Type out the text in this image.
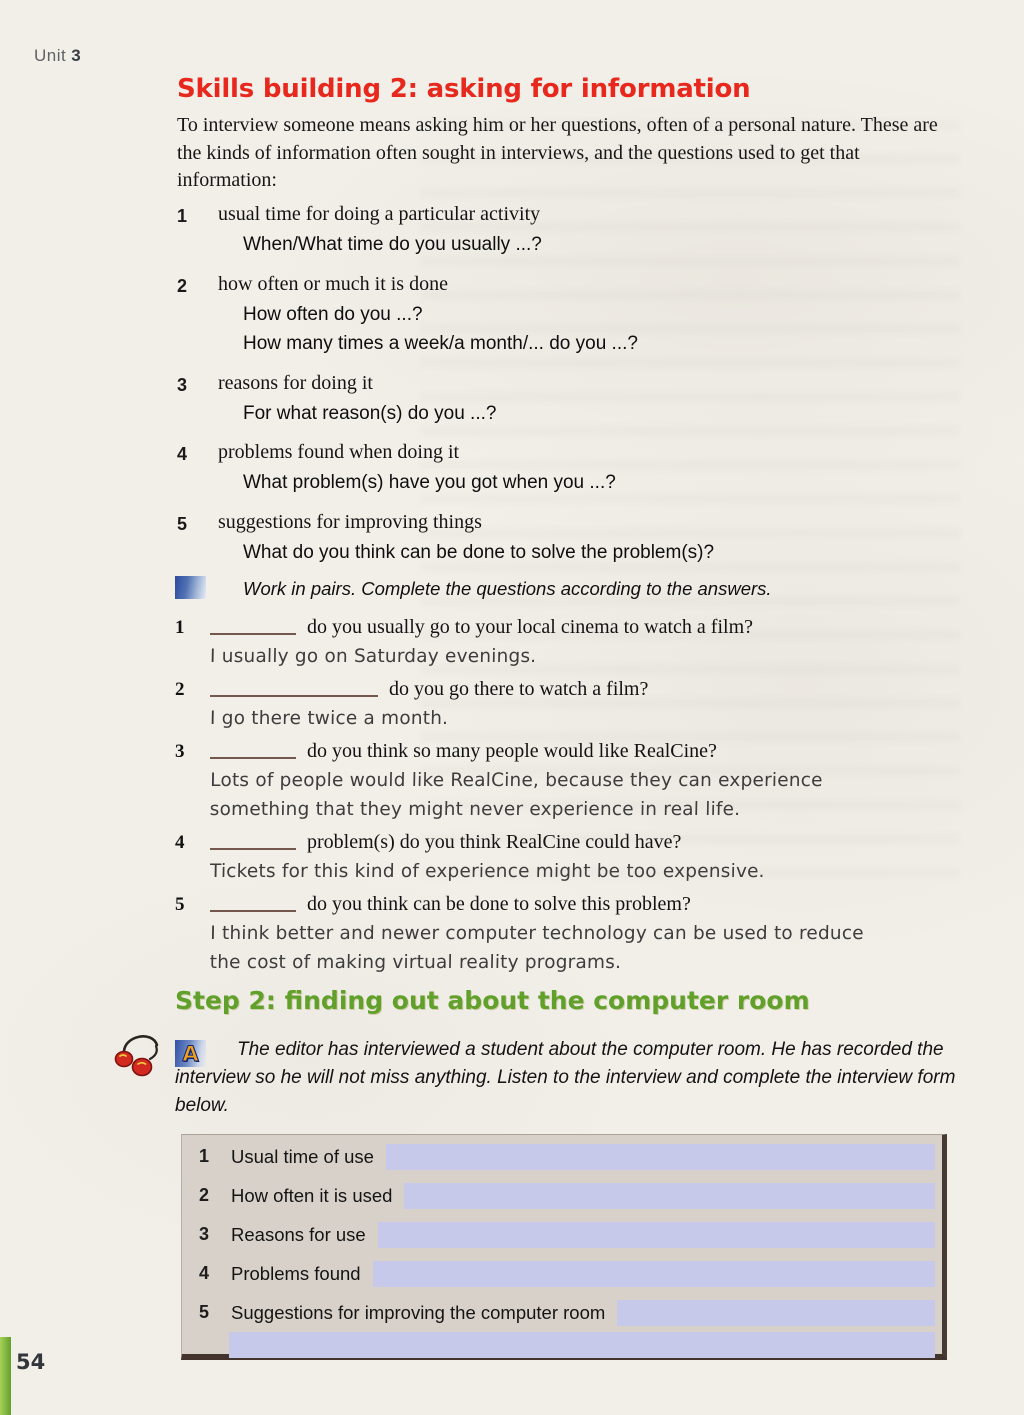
Unit 3
Skills building 2: asking for information

To interview someone means asking him or her questions, often of a personal nature. These are the kinds of information often sought in interviews, and the questions used to get that information:

1	usual time for doing a particular activity
When/What time do you usually ...?
2	how often or much it is done
How often do you ...?
How many times a week/a month/... do you ...?
3	reasons for doing it
For what reason(s) do you ...?
4	problems found when doing it
What problem(s) have you got when you ...?
5	suggestions for improving things
What do you think can be done to solve the problem(s)?
Work in pairs. Complete the questions according to the answers.
1	do you usually go to your local cinema to watch a film?
I usually go on Saturday evenings.
2	do you go there to watch a film?
I go there twice a month.
3	do you think so many people would like RealCine?
Lots of people would like RealCine, because they can experience something that they might never experience in real life.
4	problem(s) do you think RealCine could have?
Tickets for this kind of experience might be too expensive.
5	do you think can be done to solve this problem?
I think better and newer computer technology can be used to reduce the cost of making virtual reality programs.
Step 2: finding out about the computer room
A	The editor has interviewed a student about the computer room. He has recorded the interview so he will not miss anything. Listen to the interview and complete the interview form below.

1	Usual time of use
2	How often it is used
3	Reasons for use
4	Problems found
5	Suggestions for improving the computer room
54
